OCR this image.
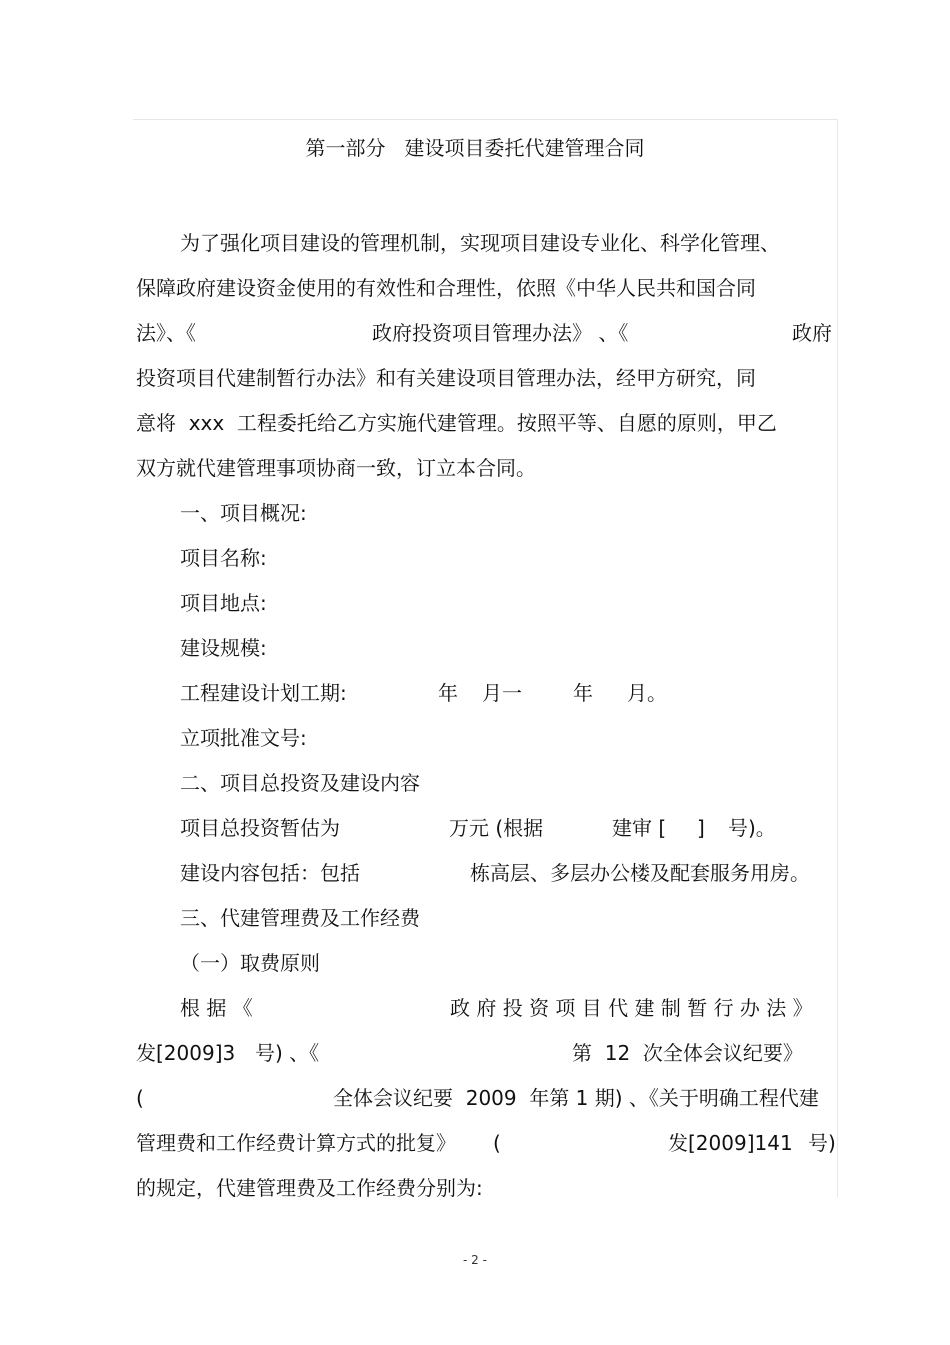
第一部分   建设项目委托代建管理合同
为了强化项目建设的管理机制，实现项目建设专业化、科学化管理、
保障政府建设资金使用的有效性和合理性，依照《中华人民共和国合同

法》、《

	政府投资项目管理办法》 、《

	政府

投资项目代建制暂行办法》和有关建设项目管理办法，经甲方研究，同
意将  xxx  工程委托给乙方实施代建管理。按照平等、自愿的原则，甲乙
双方就代建管理事项协商一致，订立本合同。
一、项目概况:
项目名称:
项目地点:
建设规模:

工程建设计划工期:

	年

月一

	年

月。

立项批准文号:
二、项目总投资及建设内容

项目总投资暂估为

	万元 (根据

	建审 [

]

号)。

建设内容包括：包括

	栋高层、多层办公楼及配套服务用房。

三、代建管理费及工作经费
（一）取费原则

根 据 《

	政 府 投 资 项 目 代 建 制 暂 行 办 法 》

发[2009]3

号) 、《

	第  12  次全体会议纪要》

(

	全体会议纪要  2009  年第 1 期) 、《关于明确工程代建

管理费和工作经费计算方式的批复》

(

	发[2009]141

号)

的规定，代建管理费及工作经费分别为:
- 2 -
